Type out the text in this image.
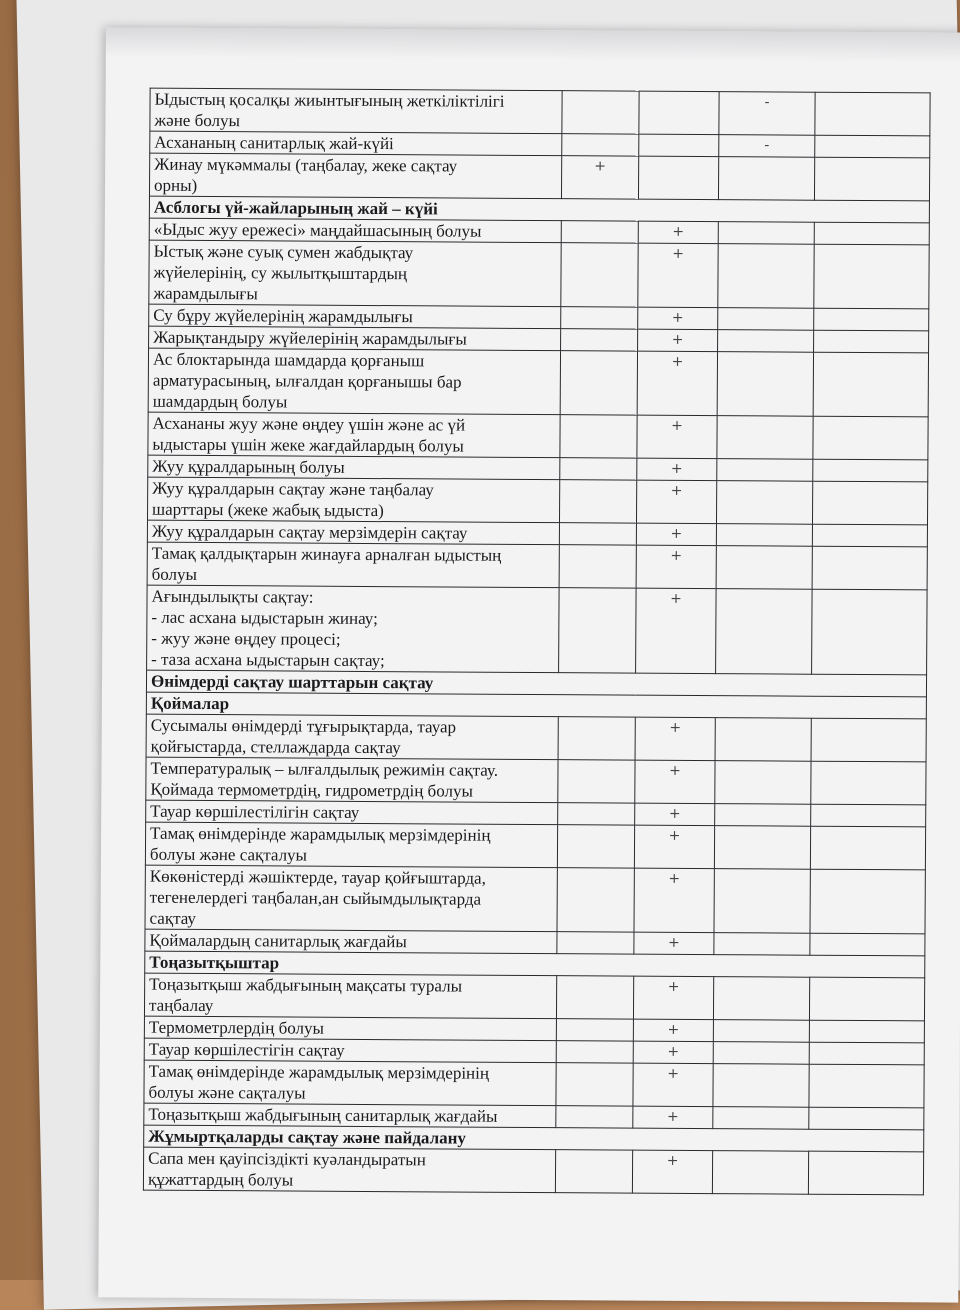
Ыдыстың қосалқы жиынтығының жеткіліктілігі
және болуы			-	
Асхананың санитарлық жай-күйі			-	
Жинау мүкәммалы (таңбалау, жеке сақтау
орны)	+			
Асблогы үй-жайларының жай – күйі				
«Ыдыс жуу ережесі» маңдайшасының болуы		+		
Ыстық және суық сумен жабдықтау
жүйелерінің, су жылытқыштардың
жарамдылығы		+		
Су бұру жүйелерінің жарамдылығы		+		
Жарықтандыру жүйелерінің жарамдылығы		+		
Ас блоктарында шамдарда қорғаныш
арматурасының, ылғалдан қорғанышы бар
шамдардың болуы		+		
Асхананы жуу және өңдеу үшін және ас үй
ыдыстары үшін жеке жағдайлардың болуы		+		
Жуу құралдарының болуы		+		
Жуу құралдарын сақтау және таңбалау
шарттары (жеке жабық ыдыста)		+		
Жуу құралдарын сақтау мерзімдерін сақтау		+		
Тамақ қалдықтарын жинауға арналған ыдыстың
болуы		+		
Ағындылықты сақтау:
- лас асхана ыдыстарын жинау;
- жуу және өңдеу процесі;
- таза асхана ыдыстарын сақтау;		+		
Өнімдерді сақтау шарттарын сақтау				
Қоймалар				
Сусымалы өнімдерді тұғырықтарда, тауар
қойғыстарда, стеллаждарда сақтау		+		
Температуралық – ылғалдылық режимін сақтау.
Қоймада термометрдің, гидрометрдің болуы		+		
Тауар көршілестілігін сақтау		+		
Тамақ өнімдерінде жарамдылық мерзімдерінің
болуы және сақталуы		+		
Көкөністерді жәшіктерде, тауар қойғыштарда,
тегенелердегі таңбалан,ан сыйымдылықтарда
сақтау		+		
Қоймалардың санитарлық жағдайы		+		
Тоңазытқыштар				
Тоңазытқыш жабдығының мақсаты туралы
таңбалау		+		
Термометрлердің болуы		+		
Тауар көршілестігін сақтау		+		
Тамақ өнімдерінде жарамдылық мерзімдерінің
болуы және сақталуы		+		
Тоңазытқыш жабдығының санитарлық жағдайы		+		
Жұмыртқаларды сақтау және пайдалану				
Сапа мен қауіпсіздікті куәландыратын
құжаттардың болуы		+		
